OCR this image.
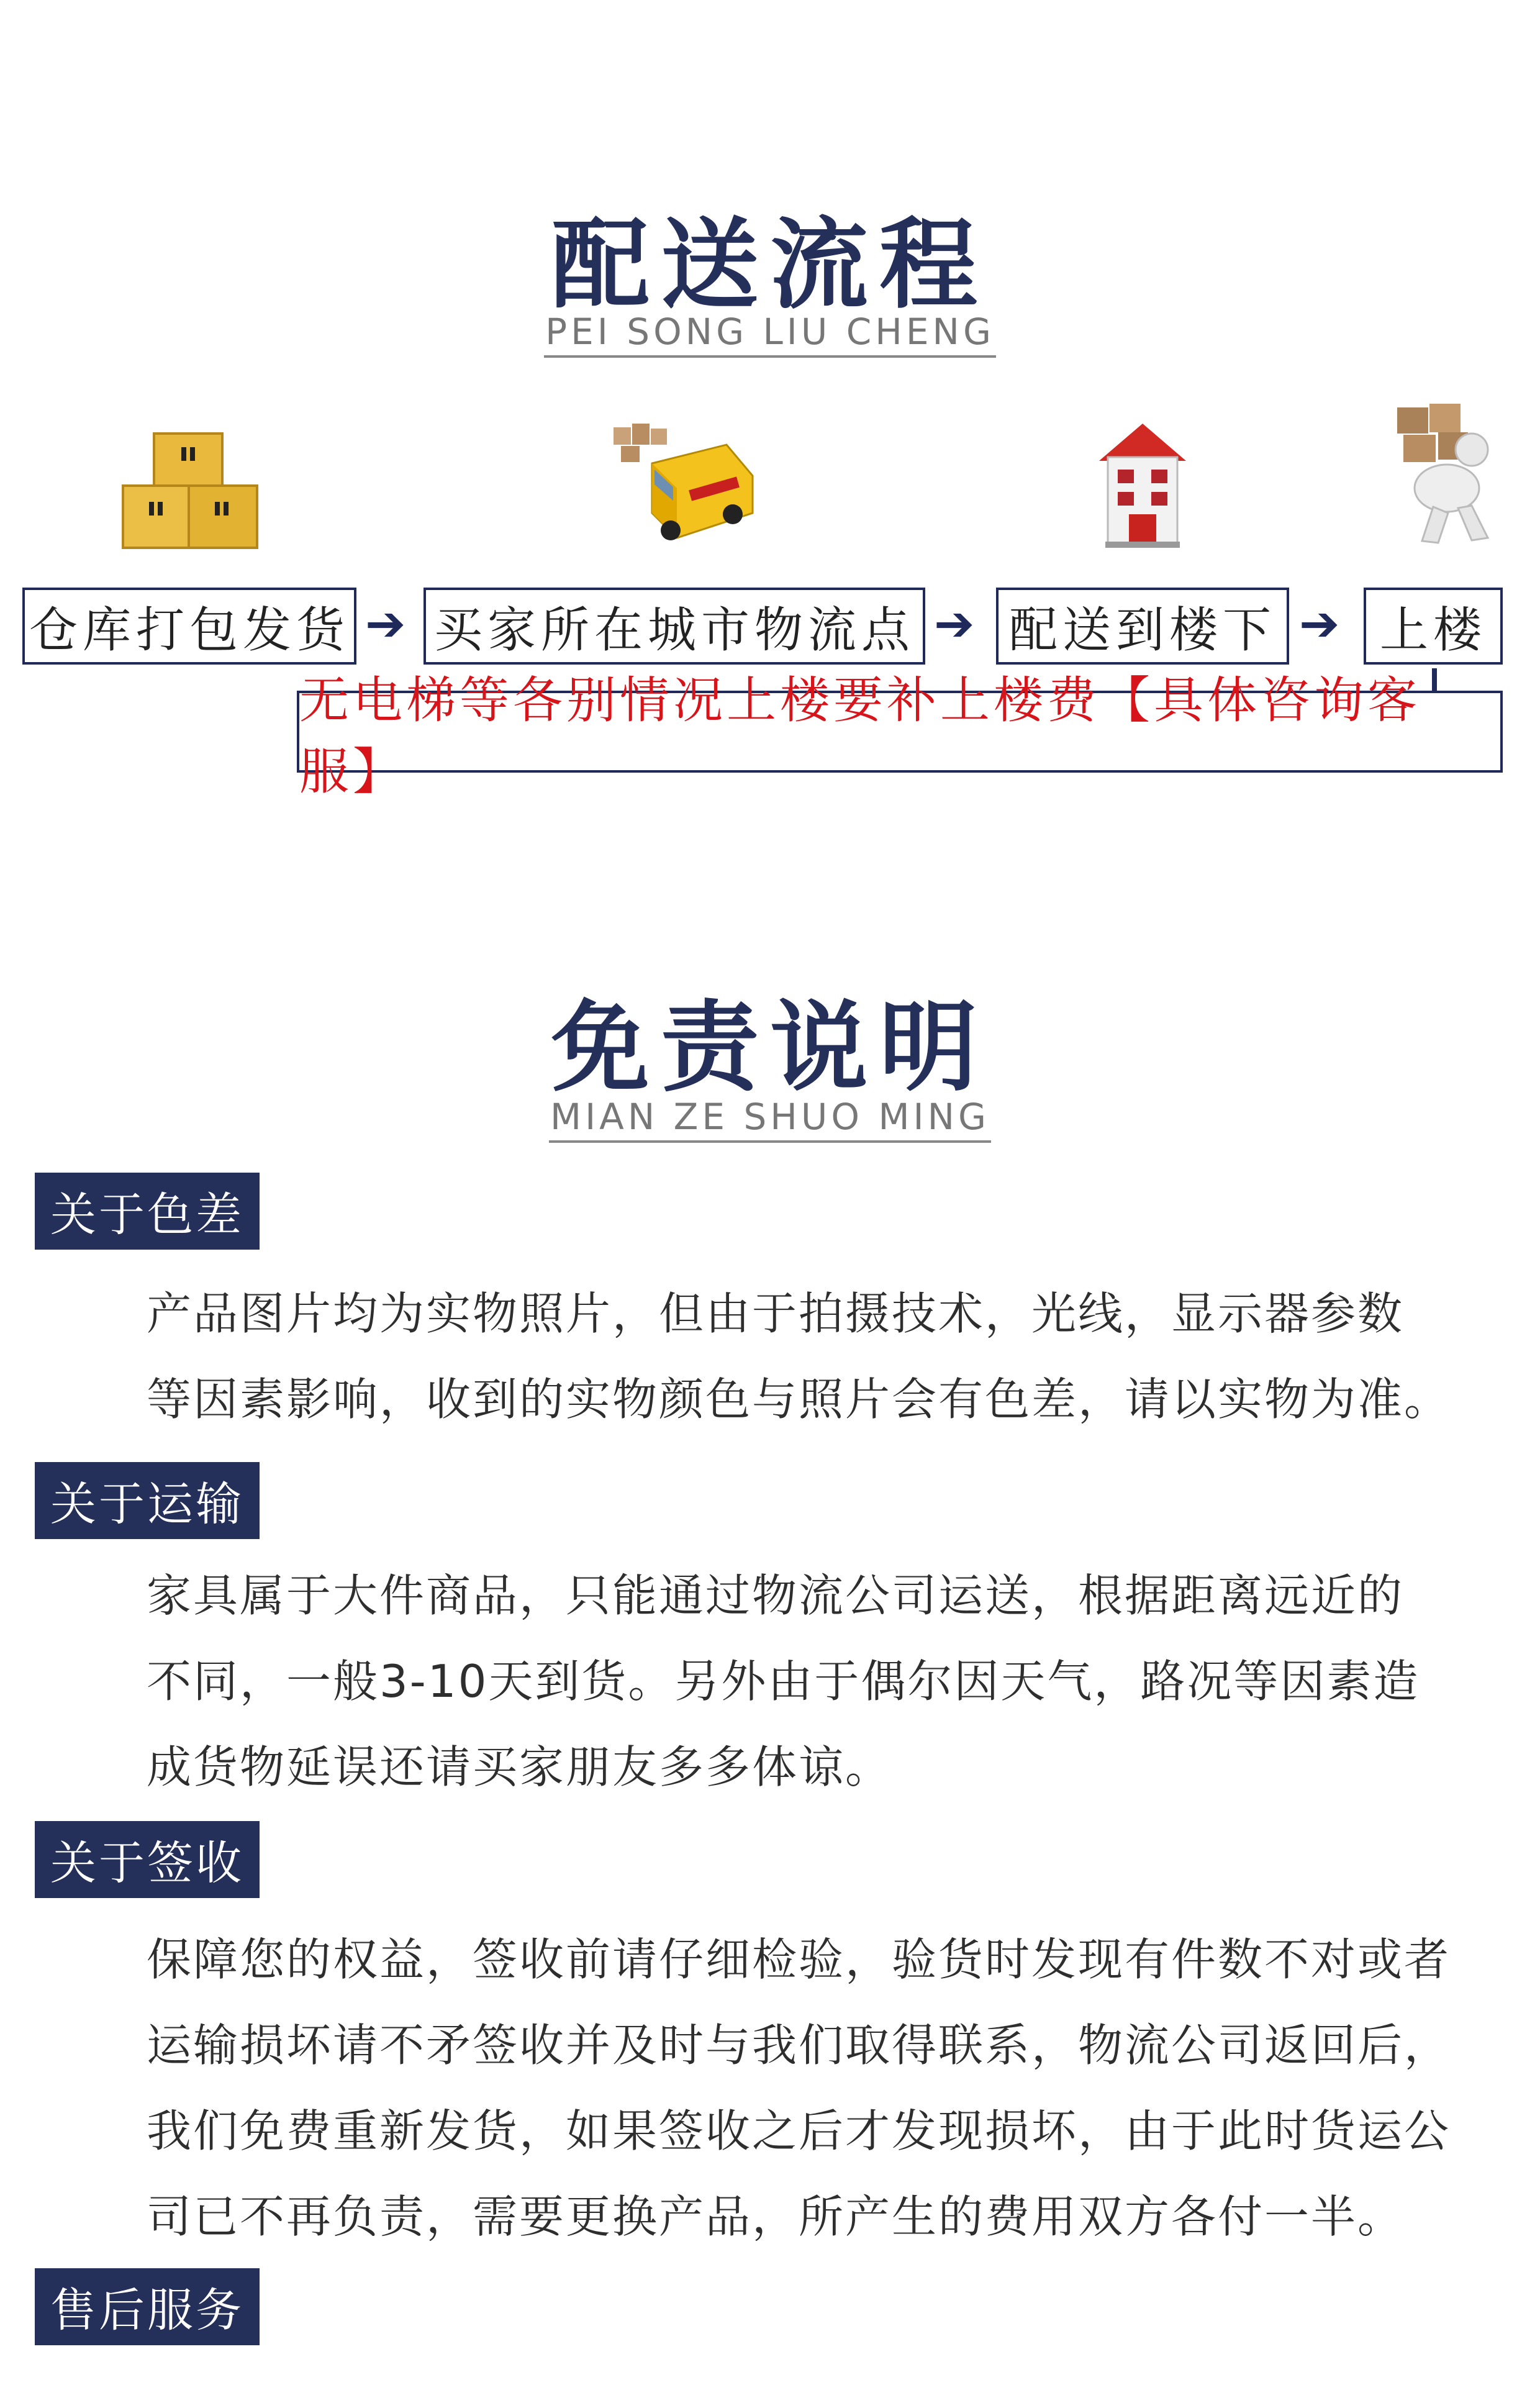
配送流程
PEI SONG LIU CHENG
仓库打包发货 ➔ 买家所在城市物流点 ➔ 配送到楼下 ➔ 上楼
无电梯等各别情况上楼要补上楼费【具体咨询客服】
免责说明
MIAN ZE SHUO MING
关于色差
产品图片均为实物照片，但由于拍摄技术，光线，显示器参数
等因素影响，收到的实物颜色与照片会有色差，请以实物为准。
关于运输
家具属于大件商品，只能通过物流公司运送，根据距离远近的
不同，一般3-10天到货。另外由于偶尔因天气，路况等因素造
成货物延误还请买家朋友多多体谅。
关于签收
保障您的权益，签收前请仔细检验，验货时发现有件数不对或者
运输损坏请不矛签收并及时与我们取得联系，物流公司返回后，
我们免费重新发货，如果签收之后才发现损坏，由于此时货运公
司已不再负责，需要更换产品，所产生的费用双方各付一半。
售后服务
